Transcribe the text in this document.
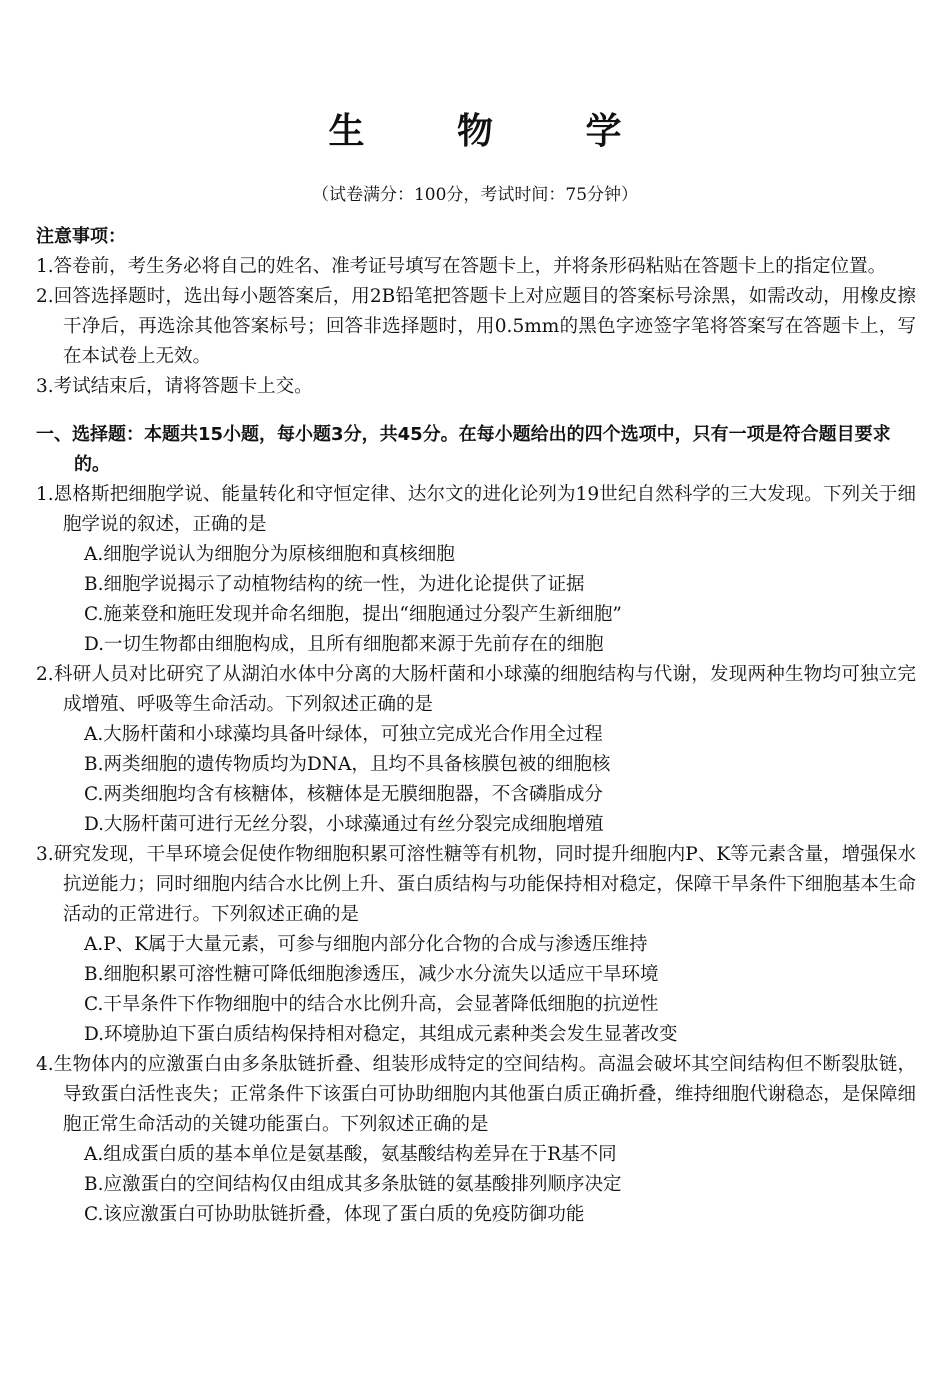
生 物 学
（试卷满分：100分，考试时间：75分钟）
注意事项：
1.答卷前，考生务必将自己的姓名、准考证号填写在答题卡上，并将条形码粘贴在答题卡上的指定位置。
2.回答选择题时，选出每小题答案后，用2B铅笔把答题卡上对应题目的答案标号涂黑，如需改动，用橡皮擦干净后，再选涂其他答案标号；回答非选择题时，用0.5mm的黑色字迹签字笔将答案写在答题卡上，写在本试卷上无效。
3.考试结束后，请将答题卡上交。
一、选择题：本题共15小题，每小题3分，共45分。在每小题给出的四个选项中，只有一项是符合题目要求的。
1.恩格斯把细胞学说、能量转化和守恒定律、达尔文的进化论列为19世纪自然科学的三大发现。下列关于细胞学说的叙述，正确的是
A.细胞学说认为细胞分为原核细胞和真核细胞
B.细胞学说揭示了动植物结构的统一性，为进化论提供了证据
C.施莱登和施旺发现并命名细胞，提出“细胞通过分裂产生新细胞”
D.一切生物都由细胞构成，且所有细胞都来源于先前存在的细胞
2.科研人员对比研究了从湖泊水体中分离的大肠杆菌和小球藻的细胞结构与代谢，发现两种生物均可独立完成增殖、呼吸等生命活动。下列叙述正确的是
A.大肠杆菌和小球藻均具备叶绿体，可独立完成光合作用全过程
B.两类细胞的遗传物质均为DNA，且均不具备核膜包被的细胞核
C.两类细胞均含有核糖体，核糖体是无膜细胞器，不含磷脂成分
D.大肠杆菌可进行无丝分裂，小球藻通过有丝分裂完成细胞增殖
3.研究发现，干旱环境会促使作物细胞积累可溶性糖等有机物，同时提升细胞内P、K等元素含量，增强保水抗逆能力；同时细胞内结合水比例上升、蛋白质结构与功能保持相对稳定，保障干旱条件下细胞基本生命活动的正常进行。下列叙述正确的是
A.P、K属于大量元素，可参与细胞内部分化合物的合成与渗透压维持
B.细胞积累可溶性糖可降低细胞渗透压，减少水分流失以适应干旱环境
C.干旱条件下作物细胞中的结合水比例升高，会显著降低细胞的抗逆性
D.环境胁迫下蛋白质结构保持相对稳定，其组成元素种类会发生显著改变
4.生物体内的应激蛋白由多条肽链折叠、组装形成特定的空间结构。高温会破坏其空间结构但不断裂肽链，导致蛋白活性丧失；正常条件下该蛋白可协助细胞内其他蛋白质正确折叠，维持细胞代谢稳态，是保障细胞正常生命活动的关键功能蛋白。下列叙述正确的是
A.组成蛋白质的基本单位是氨基酸，氨基酸结构差异在于R基不同
B.应激蛋白的空间结构仅由组成其多条肽链的氨基酸排列顺序决定
C.该应激蛋白可协助肽链折叠，体现了蛋白质的免疫防御功能
